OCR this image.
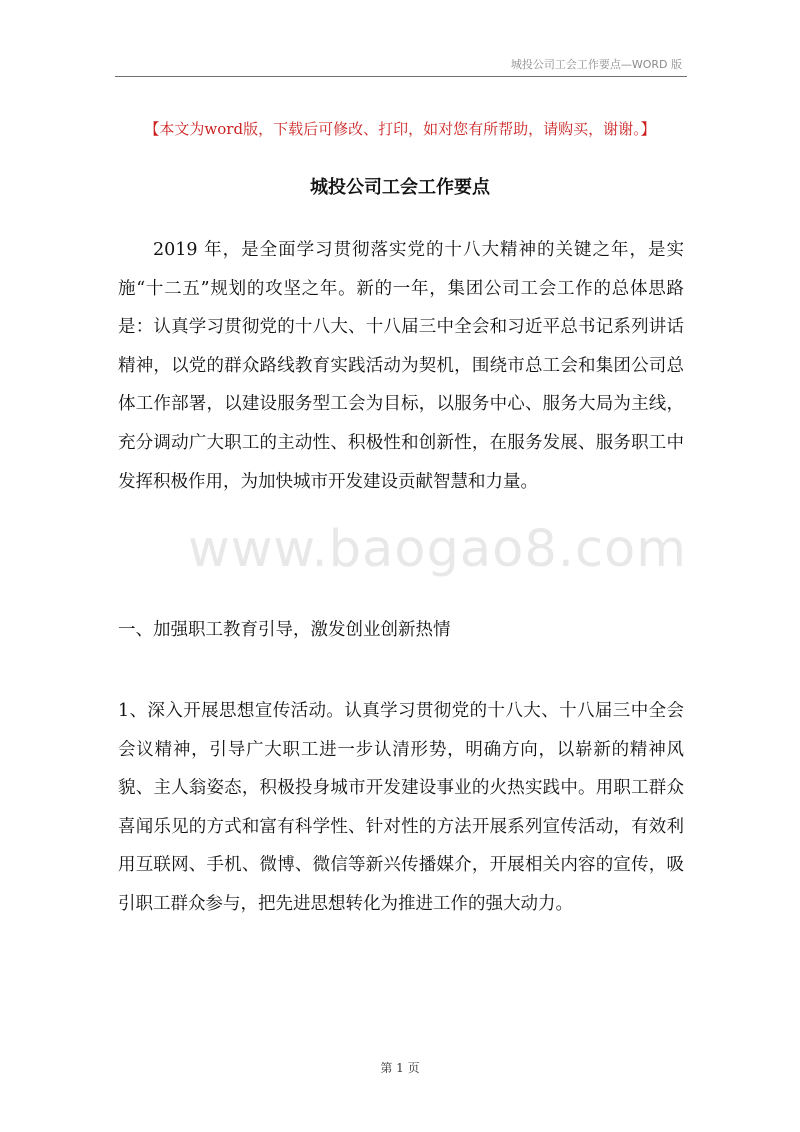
城投公司工会工作要点—WORD 版
【本文为word版，下载后可修改、打印，如对您有所帮助，请购买，谢谢。】
城投公司工会工作要点

2019 年，是全面学习贯彻落实党的十八大精神的关键之年，是实施“十二五”规划的攻坚之年。新的一年，集团公司工会工作的总体思路是：认真学习贯彻党的十八大、十八届三中全会和习近平总书记系列讲话精神，以党的群众路线教育实践活动为契机，围绕市总工会和集团公司总体工作部署，以建设服务型工会为目标，以服务中心、服务大局为主线，充分调动广大职工的主动性、积极性和创新性，在服务发展、服务职工中发挥积极作用，为加快城市开发建设贡献智慧和力量。

一、加强职工教育引导，激发创业创新热情

1、深入开展思想宣传活动。认真学习贯彻党的十八大、十八届三中全会会议精神，引导广大职工进一步认清形势，明确方向，以崭新的精神风貌、主人翁姿态，积极投身城市开发建设事业的火热实践中。用职工群众喜闻乐见的方式和富有科学性、针对性的方法开展系列宣传活动，有效利用互联网、手机、微博、微信等新兴传播媒介，开展相关内容的宣传，吸引职工群众参与，把先进思想转化为推进工作的强大动力。

www.baogao8.com
第 1 页
